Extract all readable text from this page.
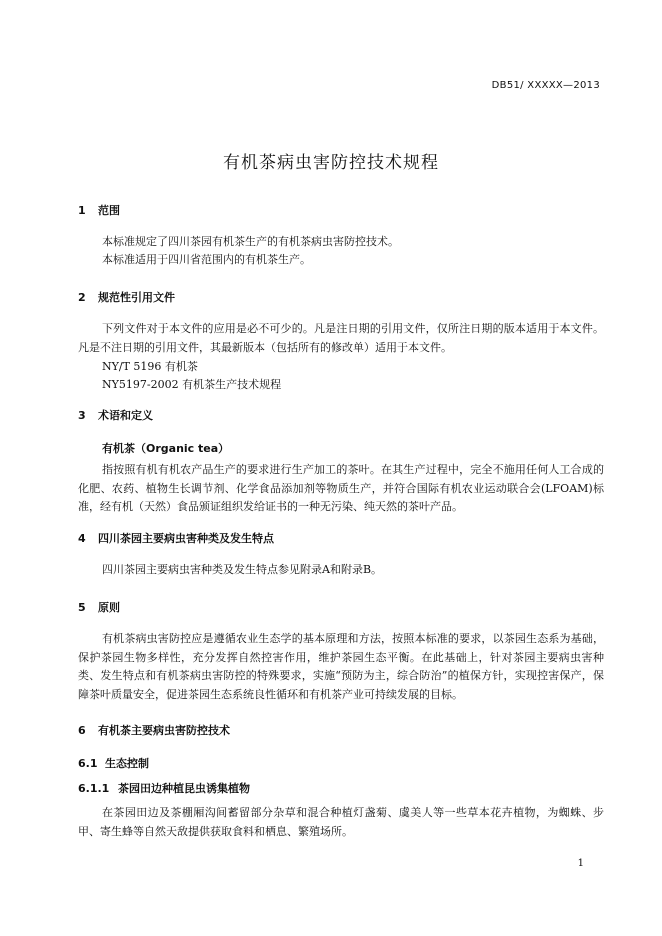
DB51/ XXXXX—2013
有机茶病虫害防控技术规程
1 范围

本标准规定了四川茶园有机茶生产的有机茶病虫害防控技术。

本标准适用于四川省范围内的有机茶生产。

2 规范性引用文件

下列文件对于本文件的应用是必不可少的。凡是注日期的引用文件，仅所注日期的版本适用于本文件。凡是不注日期的引用文件，其最新版本（包括所有的修改单）适用于本文件。

NY/T 5196 有机茶
NY5197-2002 有机茶生产技术规程
3 术语和定义
有机茶（Organic tea）

指按照有机有机农产品生产的要求进行生产加工的茶叶。在其生产过程中，完全不施用任何人工合成的化肥、农药、植物生长调节剂、化学食品添加剂等物质生产，并符合国际有机农业运动联合会(LFOAM)标准，经有机（天然）食品颁证组织发给证书的一种无污染、纯天然的茶叶产品。

4 四川茶园主要病虫害种类及发生特点

四川茶园主要病虫害种类及发生特点参见附录A和附录B。

5 原则

有机茶病虫害防控应是遵循农业生态学的基本原理和方法，按照本标准的要求，以茶园生态系为基础，保护茶园生物多样性，充分发挥自然控害作用，维护茶园生态平衡。在此基础上，针对茶园主要病虫害种类、发生特点和有机茶病虫害防控的特殊要求，实施“预防为主，综合防治”的植保方针，实现控害保产，保障茶叶质量安全，促进茶园生态系统良性循环和有机茶产业可持续发展的目标。

6 有机茶主要病虫害防控技术
6.1 生态控制
6.1.1 茶园田边种植昆虫诱集植物

在茶园田边及茶棚厢沟间蓄留部分杂草和混合种植灯盏菊、虞美人等一些草本花卉植物，为蜘蛛、步甲、寄生蜂等自然天敌提供获取食料和栖息、繁殖场所。

1
